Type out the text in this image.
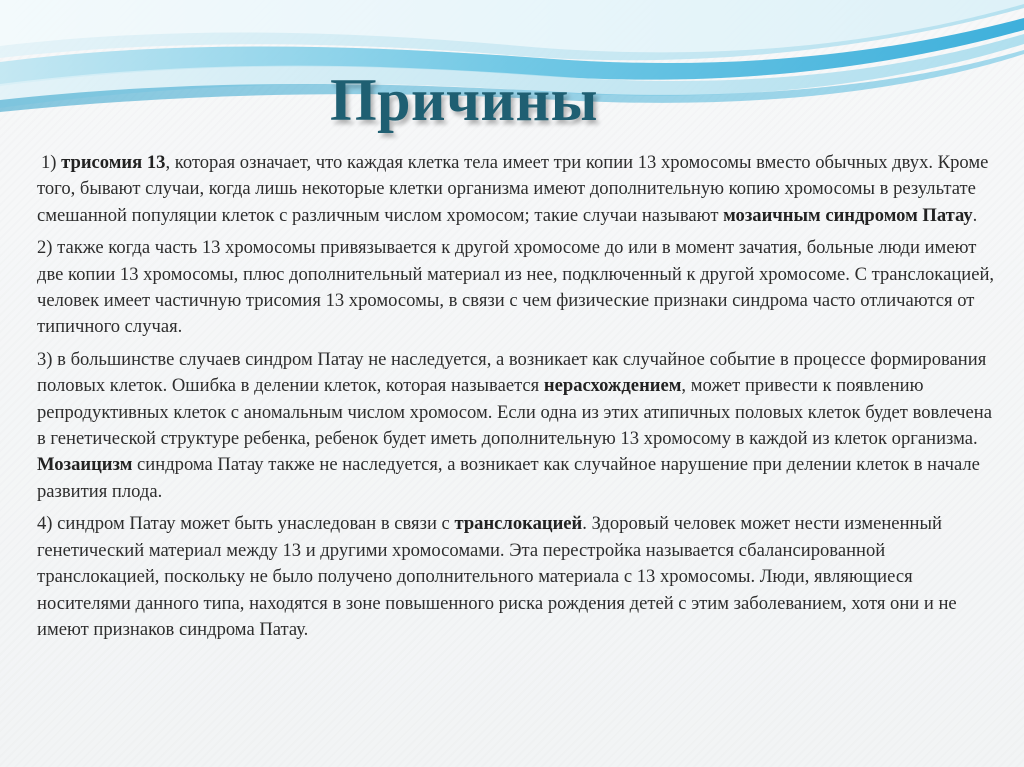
Причины

1) трисомия 13, которая означает, что каждая клетка тела имеет три копии 13 хромосомы вместо обычных двух. Кроме того, бывают случаи, когда лишь некоторые клетки организма имеют дополнительную копию хромосомы в результате смешанной популяции клеток с различным числом хромосом; такие случаи называют мозаичным синдромом Патау.

2) также когда часть 13 хромосомы привязывается к другой хромосоме до или в момент зачатия, больные люди имеют две копии 13 хромосомы, плюс дополнительный материал из нее, подключенный к другой хромосоме. С транслокацией, человек имеет частичную трисомия 13 хромосомы, в связи с чем физические признаки синдрома часто отличаются от типичного случая.

3) в большинстве случаев синдром Патау не наследуется, а возникает как случайное событие в процессе формирования половых клеток. Ошибка в делении клеток, которая называется нерасхождением, может привести к появлению репродуктивных клеток с аномальным числом хромосом. Если одна из этих атипичных половых клеток будет вовлечена в генетической структуре ребенка, ребенок будет иметь дополнительную 13 хромосому в каждой из клеток организма. Мозаицизм синдрома Патау также не наследуется, а возникает как случайное нарушение при делении клеток в начале развития плода.

4) синдром Патау может быть унаследован в связи с транслокацией. Здоровый человек может нести измененный генетический материал между 13 и другими хромосомами. Эта перестройка называется сбалансированной транслокацией, поскольку не было получено дополнительного материала с 13 хромосомы. Люди, являющиеся носителями данного типа, находятся в зоне повышенного риска рождения детей с этим заболеванием, хотя они и не имеют признаков синдрома Патау.
